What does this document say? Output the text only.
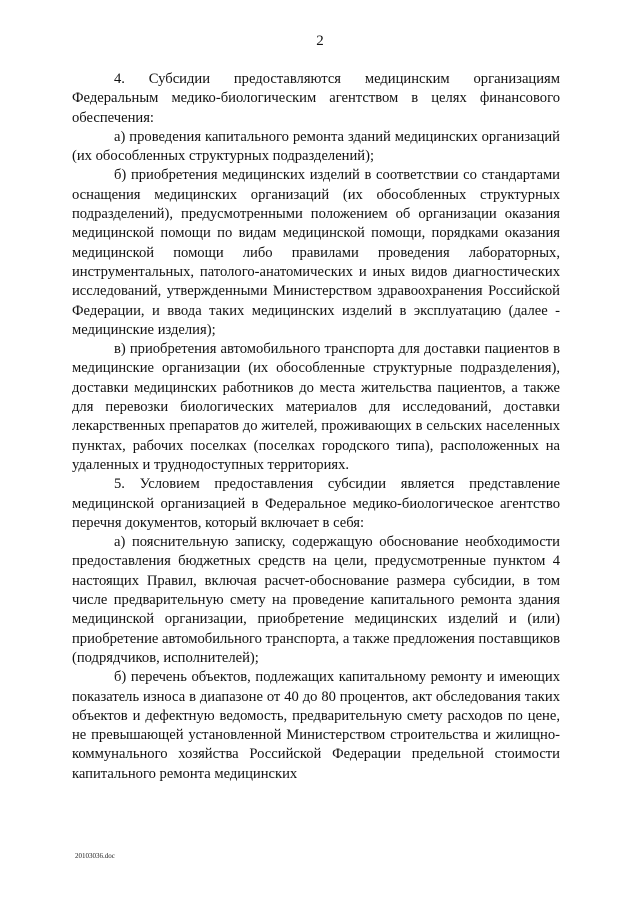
2

4. Субсидии предоставляются медицинским организациям Федеральным медико-биологическим агентством в целях финансового обеспечения:

а) проведения капитального ремонта зданий медицинских организаций (их обособленных структурных подразделений);

б) приобретения медицинских изделий в соответствии со стандартами оснащения медицинских организаций (их обособленных структурных подразделений), предусмотренными положением об организации оказания медицинской помощи по видам медицинской помощи, порядками оказания медицинской помощи либо правилами проведения лабораторных, инструментальных, патолого-анатомических и иных видов диагностических исследований, утвержденными Министерством здравоохранения Российской Федерации, и ввода таких медицинских изделий в эксплуатацию (далее - медицинские изделия);

в) приобретения автомобильного транспорта для доставки пациентов в медицинские организации (их обособленные структурные подразделения), доставки медицинских работников до места жительства пациентов, а также для перевозки биологических материалов для исследований, доставки лекарственных препаратов до жителей, проживающих в сельских населенных пунктах, рабочих поселках (поселках городского типа), расположенных на удаленных и труднодоступных территориях.

5. Условием предоставления субсидии является представление медицинской организацией в Федеральное медико-биологическое агентство перечня документов, который включает в себя:

а) пояснительную записку, содержащую обоснование необходимости предоставления бюджетных средств на цели, предусмотренные пунктом 4 настоящих Правил, включая расчет-обоснование размера субсидии, в том числе предварительную смету на проведение капитального ремонта здания медицинской организации, приобретение медицинских изделий и (или) приобретение автомобильного транспорта, а также предложения поставщиков (подрядчиков, исполнителей);

б) перечень объектов, подлежащих капитальному ремонту и имеющих показатель износа в диапазоне от 40 до 80 процентов, акт обследования таких объектов и дефектную ведомость, предварительную смету расходов по цене, не превышающей установленной Министерством строительства и жилищно-коммунального хозяйства Российской Федерации предельной стоимости капитального ремонта медицинских

20103036.doc
